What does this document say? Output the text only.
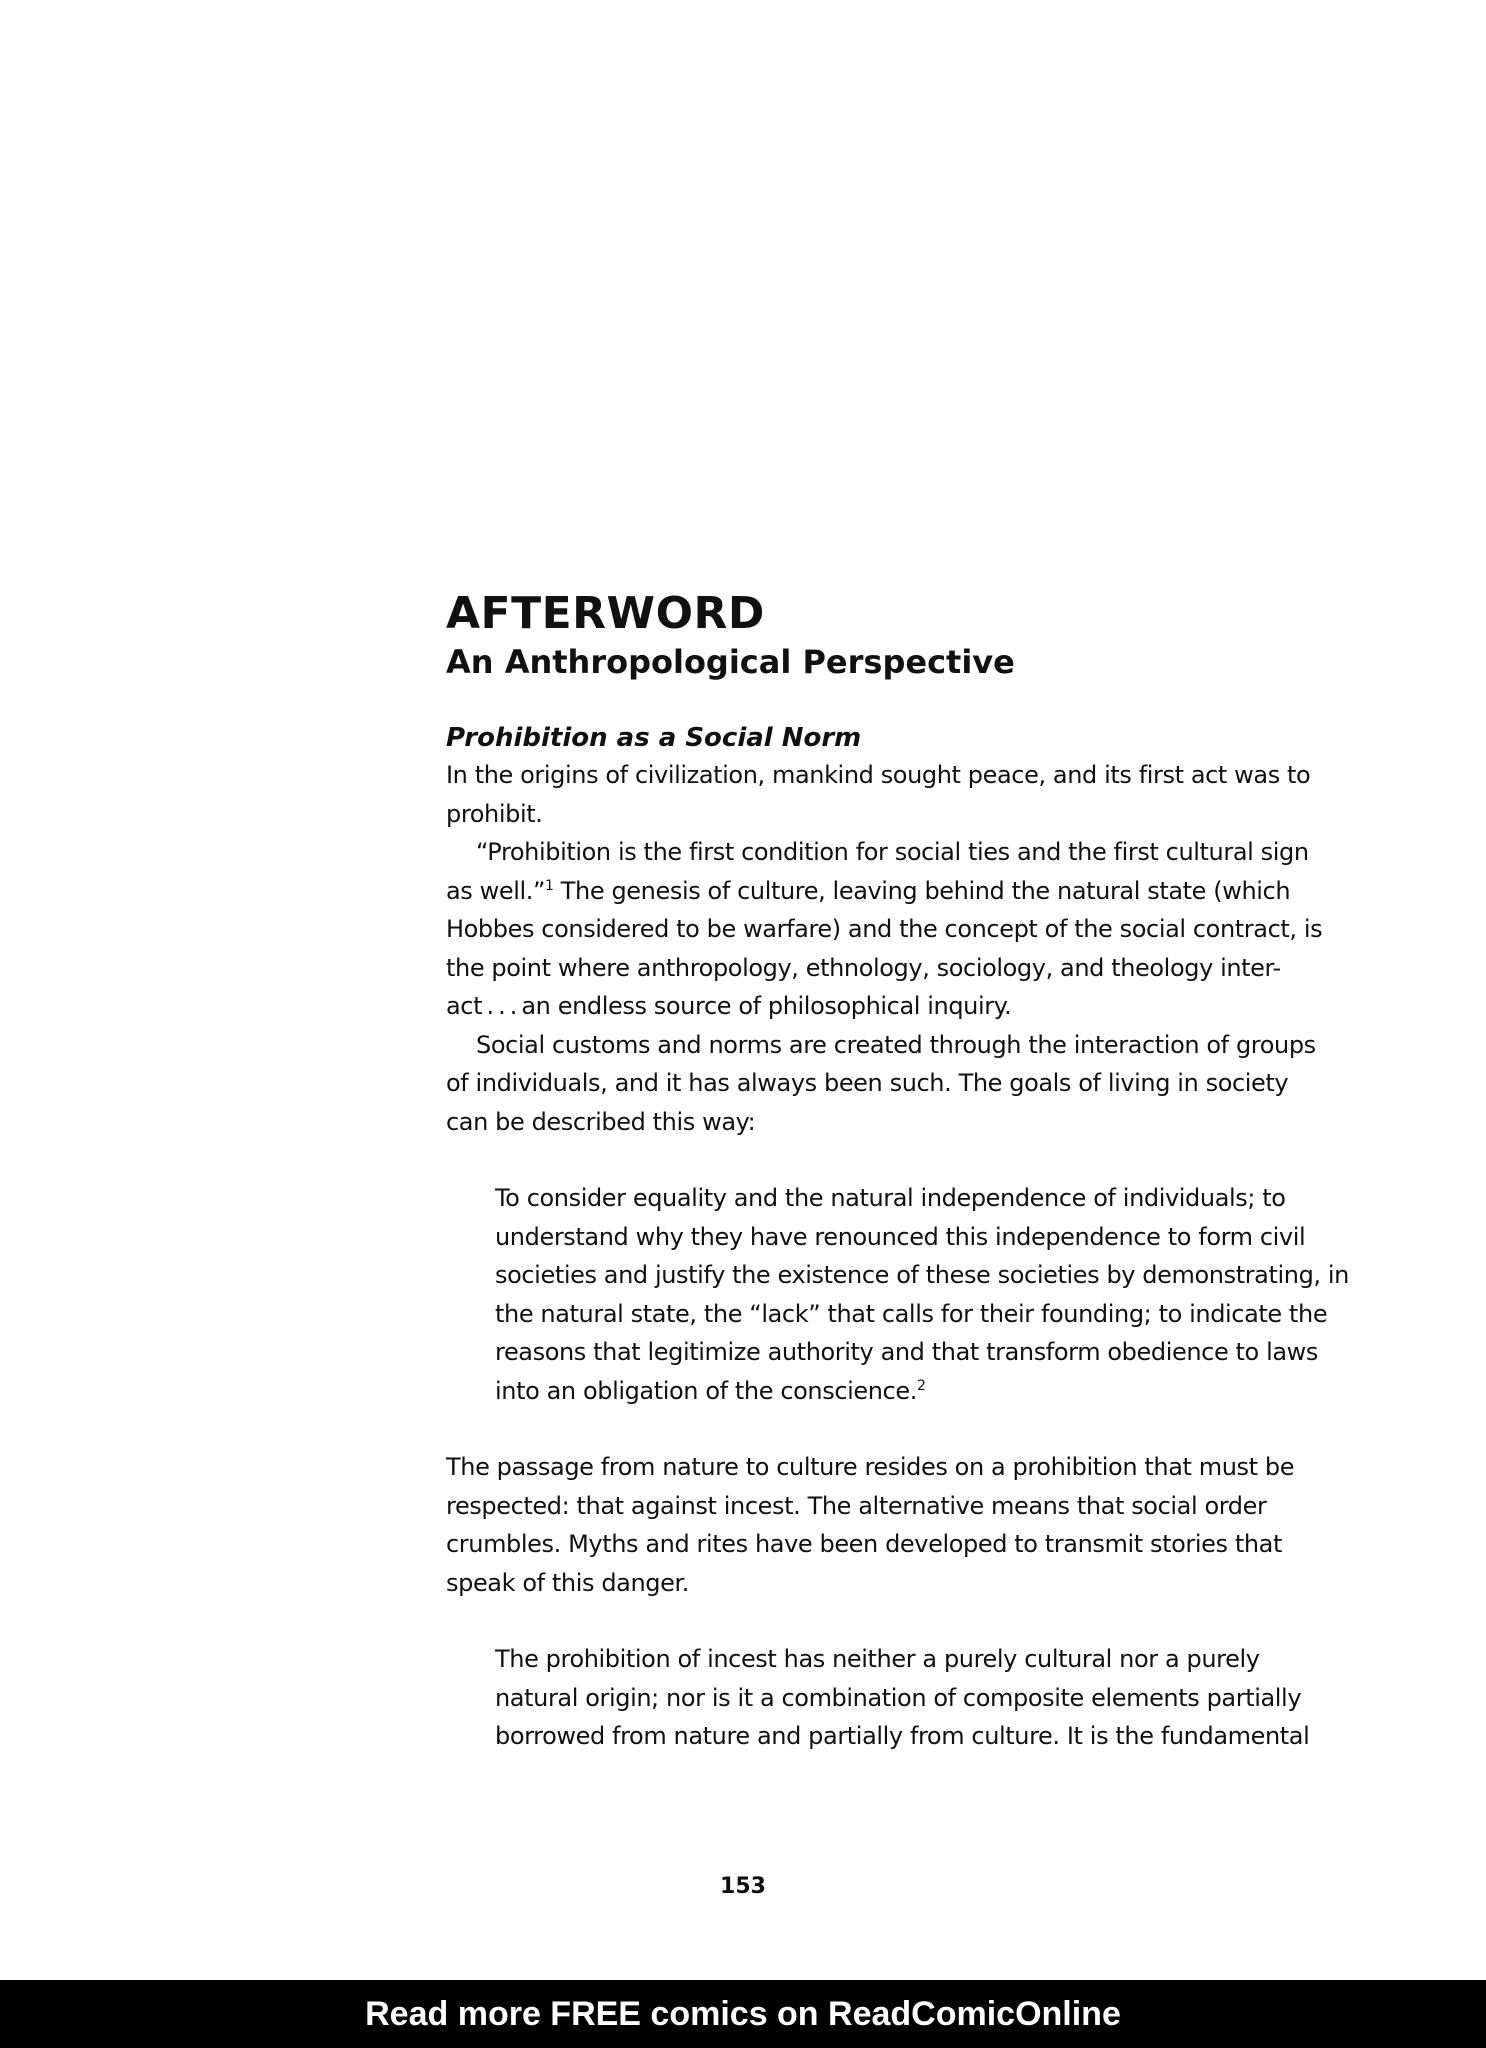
AFTERWORD
An Anthropological Perspective
Prohibition as a Social Norm
In the origins of civilization, mankind sought peace, and its first act was to
prohibit.
“Prohibition is the first condition for social ties and the first cultural sign
as well.”$^1$ The genesis of culture, leaving behind the natural state (which
Hobbes considered to be warfare) and the concept of the social contract, is
the point where anthropology, ethnology, sociology, and theology inter-
act . . . an endless source of philosophical inquiry.
Social customs and norms are created through the interaction of groups
of individuals, and it has always been such. The goals of living in society
can be described this way:
To consider equality and the natural independence of individuals; to
understand why they have renounced this independence to form civil
societies and justify the existence of these societies by demonstrating, in
the natural state, the “lack” that calls for their founding; to indicate the
reasons that legitimize authority and that transform obedience to laws
into an obligation of the conscience.$^2$
The passage from nature to culture resides on a prohibition that must be
respected: that against incest. The alternative means that social order
crumbles. Myths and rites have been developed to transmit stories that
speak of this danger.
The prohibition of incest has neither a purely cultural nor a purely
natural origin; nor is it a combination of composite elements partially
borrowed from nature and partially from culture. It is the fundamental
153
Read more FREE comics on ReadComicOnline
